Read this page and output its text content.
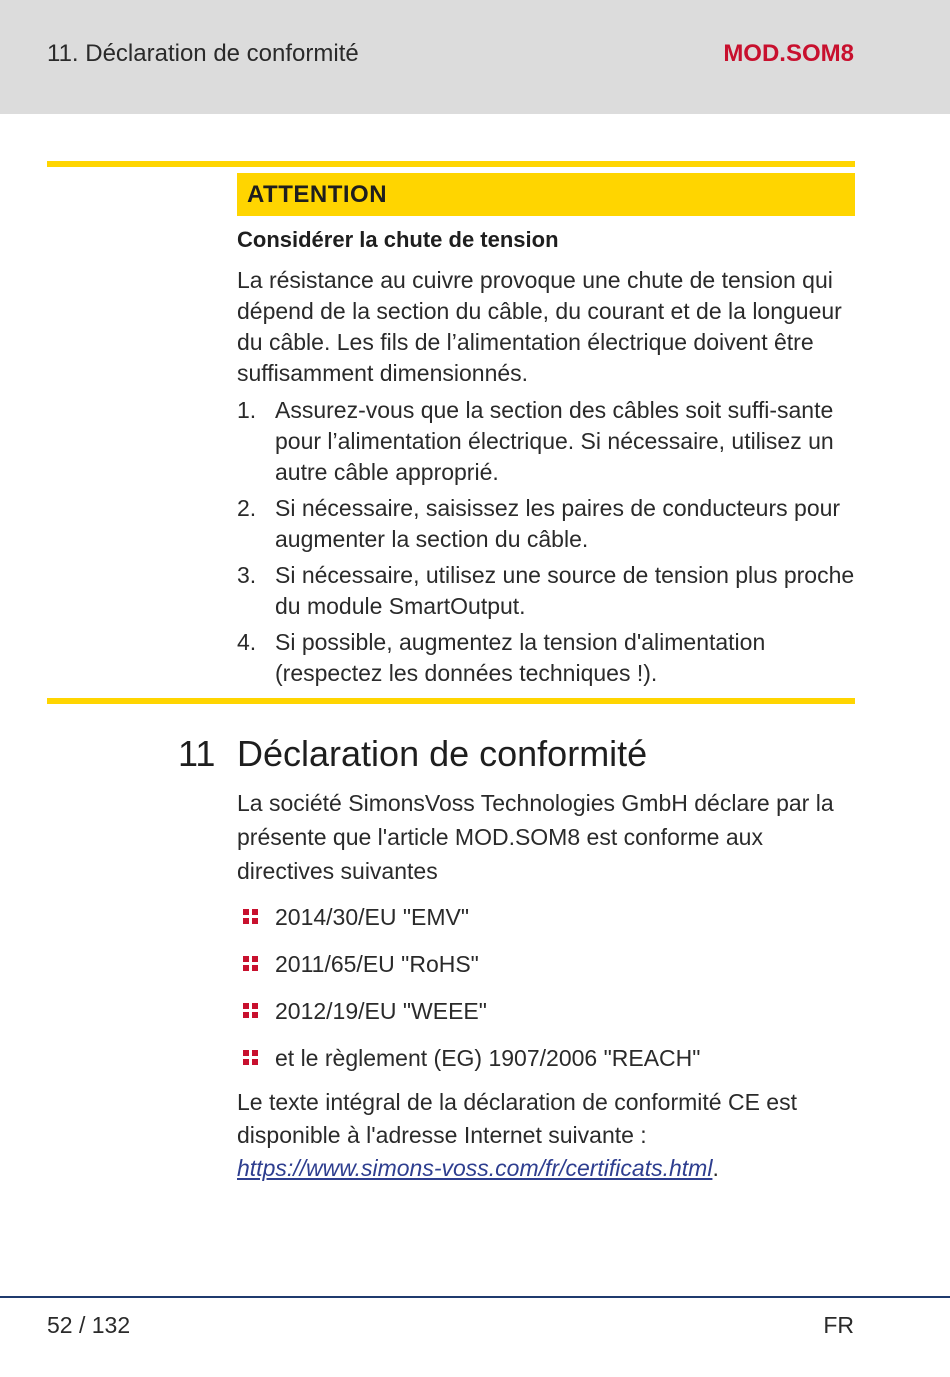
11. Déclaration de conformité	MOD.SOM8
ATTENTION
Considérer la chute de tension
La résistance au cuivre provoque une chute de tension qui dépend de la section du câble, du courant et de la longueur du câble. Les fils de l’alimentation électrique doivent être suffisamment dimensionnés.
1. Assurez-vous que la section des câbles soit suffi-sante pour l’alimentation électrique. Si nécessaire, utilisez un autre câble approprié.
2. Si nécessaire, saisissez les paires de conducteurs pour augmenter la section du câble.
3. Si nécessaire, utilisez une source de tension plus proche du module SmartOutput.
4. Si possible, augmentez la tension d'alimentation (respectez les données techniques !).
11 Déclaration de conformité
La société SimonsVoss Technologies GmbH déclare par la présente que l'article MOD.SOM8 est conforme aux directives suivantes
2014/30/EU "EMV"
2011/65/EU "RoHS"
2012/19/EU "WEEE"
et le règlement (EG) 1907/2006 "REACH"
Le texte intégral de la déclaration de conformité CE est disponible à l'adresse Internet suivante : https://www.simons-voss.com/fr/certificats.html.
52 / 132	FR
